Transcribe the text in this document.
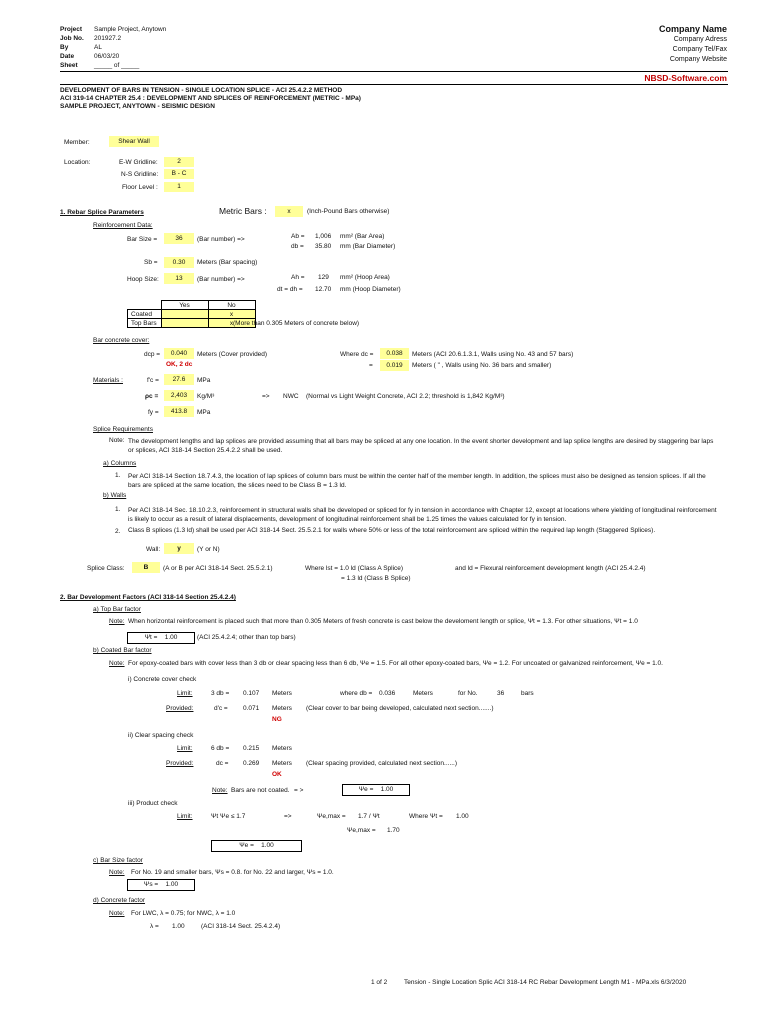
Project Sample Project, Anytown
Job No. 201927.2
By	AL
Date	06/03/20
Sheet	_____ of _____
Company Name
Company Adress
Company Tel/Fax
Company Website
NBSD-Software.com
DEVELOPMENT OF BARS IN TENSION - SINGLE LOCATION SPLICE - ACI 25.4.2.2 METHOD
ACI 319-14 CHAPTER 25.4 : DEVELOPMENT AND SPLICES OF REINFORCEMENT (METRIC - MPa)
SAMPLE PROJECT, ANYTOWN - SEISMIC DESIGN
Member:	Shear Wall
Location:	E-W Gridline:	2
N-S Gridline:	B - C
Floor Level :	1
1. Rebar Splice Parameters	Metric Bars :	x	(Inch-Pound Bars otherwise)
Reinforcement Data:
Bar Size =	36	(Bar number) =>	Ab = 1,006 mm² (Bar Area)
db = 35.80 mm (Bar Diameter)
Sb =	0.30	Meters (Bar spacing)
Hoop Size:	13	(Bar number) =>	Ah = 129 mm² (Hoop Area)
dt = dh = 12.70 mm (Hoop Diameter)
	Yes	No
Coated		x
Top Bars		x (More than 0.305 Meters of concrete below)
Bar concrete cover:
dcp =	0.040	Meters (Cover provided)
OK, 2 dc
Where dc =	0.038	Meters (ACI 20.6.1.3.1, Walls using No. 43 and 57 bars)
=	0.019	Meters ( " , Walls using No. 36 bars and smaller)
Materials :	f'c =	27.6	MPa
ρc =	2,403	Kg/M³	=> NWC (Normal vs Light Weight Concrete, ACI 2.2; threshold is 1,842 Kg/M³)
fy =	413.8	MPa
Splice Requirements
Note: The development lengths and lap splices are provided assuming that all bars may be spliced at any one location. In the event shorter development and lap splice lengths are desired by staggering bar laps or splices, ACI 318-14 Section 25.4.2.2 shall be used.
a) Columns
1. Per ACI 318-14 Section 18.7.4.3, the location of lap splices of column bars must be within the center half of the member length. In addition, the splices must also be designed as tension splices. If all the bars are spliced at the same location, the slices need to be Class B = 1.3 ld.
b) Walls
1. Per ACI 318-14 Sec. 18.10.2.3, reinforcement in structural walls shall be developed or spliced for fy in tension in accordance with Chapter 12, except at locations where yielding of longitudinal reinforcement is likely to occur as a result of lateral displacements, development of longitudinal reinforcement shall be 1.25 times the values calculated for fy in tension.
2. Class B splices (1.3 ld) shall be used per ACI 318-14 Sect. 25.5.2.1 for walls where 50% or less of the total reinforcement are spliced within the required lap length (Staggered Splices).
Wall:	y	(Y or N)
Splice Class:	B	(A or B per ACI 318-14 Sect. 25.5.2.1)	Where lst = 1.0 ld (Class A Splice)
= 1.3 ld (Class B Splice)
and ld = Flexural reinforcement development length (ACI 25.4.2.4)
2. Bar Development Factors (ACI 318-14 Section 25.4.2.4)
a) Top Bar factor
Note: When horizontal reinforcement is placed such that more than 0.305 Meters of fresh concrete is cast below the develoment length or splice, Ψt = 1.3. For other situations, Ψt = 1.0
Ψt = 1.00	(ACI 25.4.2.4; other than top bars)
b) Coated Bar factor
Note: For epoxy-coated bars with cover less than 3 db or clear spacing less than 6 db, Ψe = 1.5. For all other epoxy-coated bars, Ψe = 1.2. For uncoated or galvanized reinforcement, Ψe = 1.0.
i) Concrete cover check
Limit:	3 db = 0.107 Meters	where db = 0.036	Meters	for No.	36	bars
Provided:	d'c = 0.071 Meters (Clear cover to bar being developed, calculated next section.......)
NG
ii) Clear spacing check
Limit:	6 db = 0.215 Meters
Provided:	dc = 0.269 Meters (Clear spacing provided, calculated next section......)
OK
Note: Bars are not coated. = >	Ψe = 1.00
iii) Product check
Limit:	Ψt Ψe ≤ 1.7	=>	Ψe,max = 1.7 / Ψt	Where Ψt = 1.00
Ψe,max = 1.70
Ψe = 1.00
c) Bar Size factor
Note: For No. 19 and smaller bars, Ψs = 0.8. for No. 22 and larger, Ψs = 1.0.
Ψs = 1.00
d) Concrete factor
Note: For LWC, λ = 0.75; for NWC, λ = 1.0
λ = 1.00	(ACI 318-14 Sect. 25.4.2.4)
1 of 2	Tension - Single Location Splic ACI 318-14 RC Rebar Development Length M1 - MPa.xls 6/3/2020
